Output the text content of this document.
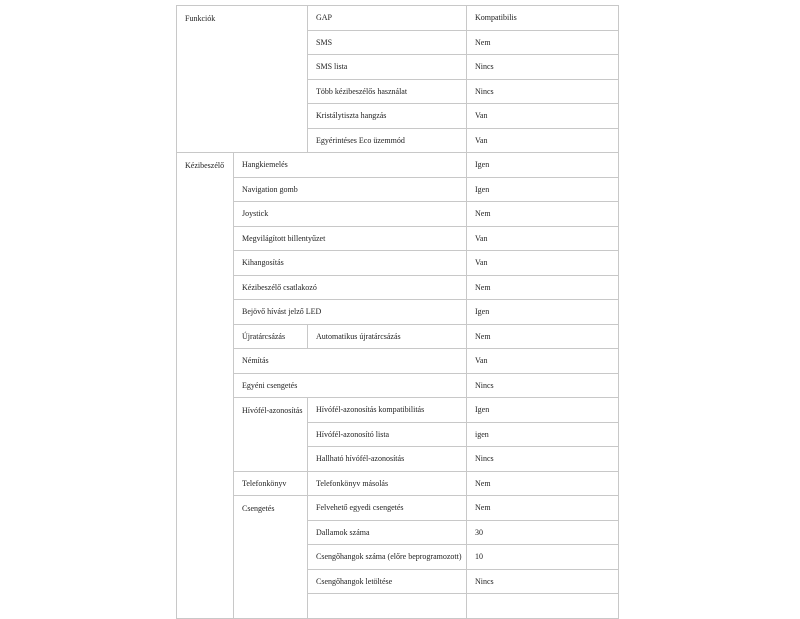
Funkciók		GAP	Kompatibilis
		SMS	Nem
		SMS lista	Nincs
		Több kézibeszélős használat	Nincs
		Kristálytiszta hangzás	Van
		Egyérintéses Eco üzemmód	Van
Kézibeszélő	Hangkiemelés		Igen
	Navigation gomb		Igen
	Joystick		Nem
	Megvilágított billentyűzet		Van
	Kihangosítás		Van
	Kézibeszélő csatlakozó		Nem
	Bejövő hívást jelző LED		Igen
	Újratárcsázás	Automatikus újratárcsázás	Nem
	Némítás		Van
	Egyéni csengetés		Nincs
	Hívófél-azonosítás	Hívófél-azonosítás kompatibilitás	Igen
		Hívófél-azonosító lista	igen
		Hallható hívófél-azonosítás	Nincs
	Telefonkönyv	Telefonkönyv másolás	Nem
	Csengetés	Felvehető egyedi csengetés	Nem
		Dallamok száma	30
		Csengőhangok száma (előre beprogramozott)	10
		Csengőhangok letöltése	Nincs
